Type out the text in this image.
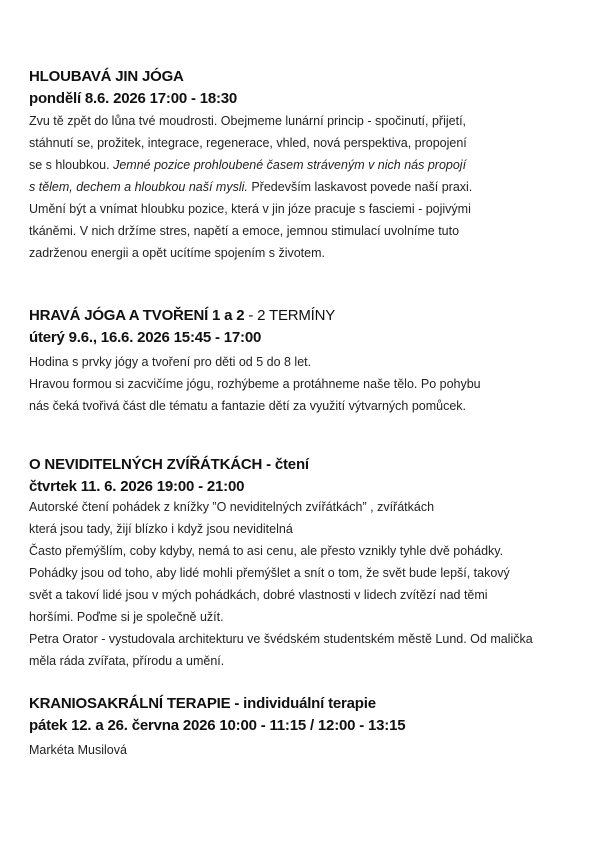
HLOUBAVÁ JIN JÓGA
pondělí 8.6. 2026 17:00 - 18:30
Zvu tě zpět do lůna tvé moudrosti. Obejmeme lunární princip - spočinutí, přijetí,
stáhnutí se, prožitek, integrace, regenerace, vhled, nová perspektiva, propojení
se s hloubkou. Jemné pozice prohloubené časem stráveným v nich nás propojí
s tělem, dechem a hloubkou naší mysli. Především laskavost povede naší praxi.
Umění být a vnímat hloubku pozice, která v jin józe pracuje s fasciemi - pojivými
tkáněmi. V nich držíme stres, napětí a emoce, jemnou stimulací uvolníme tuto
zadrženou energii a opět ucítíme spojením s životem.
HRAVÁ JÓGA A TVOŘENÍ 1 a 2 - 2 TERMÍNY
úterý 9.6., 16.6. 2026 15:45 - 17:00
Hodina s prvky jógy a tvoření pro děti od 5 do 8 let.
Hravou formou si zacvičíme jógu, rozhýbeme a protáhneme naše tělo. Po pohybu
nás čeká tvořivá část dle tématu a fantazie dětí za využití výtvarných pomůcek.
O NEVIDITELNÝCH ZVÍŘÁTKÁCH - čtení
čtvrtek 11. 6. 2026 19:00 - 21:00
Autorské čtení pohádek z knížky ”O neviditelných zvířátkách” , zvířátkách
která jsou tady, žijí blízko i když jsou neviditelná
Často přemýšlím, coby kdyby, nemá to asi cenu, ale přesto vznikly tyhle dvě pohádky.
Pohádky jsou od toho, aby lidé mohli přemýšlet a snít o tom, že svět bude lepší, takový
svět a takoví lidé jsou v mých pohádkách, dobré vlastnosti v lidech zvítězí nad těmi
horšími. Poďme si je společně užít.
Petra Orator - vystudovala architekturu ve švédském studentském městě Lund. Od malička
měla ráda zvířata, přírodu a umění.
KRANIOSAKRÁLNÍ TERAPIE - individuální terapie
pátek 12. a 26. června 2026 10:00 - 11:15 / 12:00 - 13:15
Markéta Musilová
